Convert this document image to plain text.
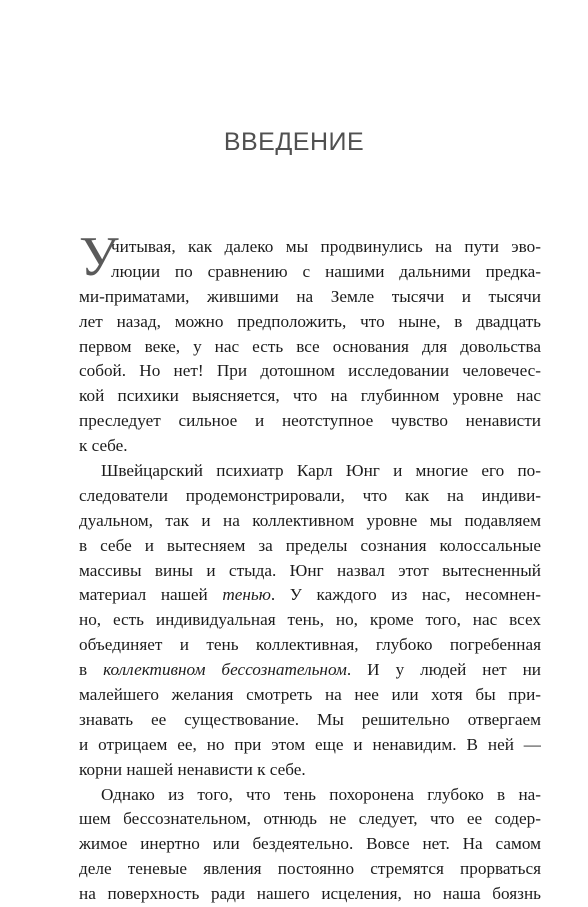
ВВЕДЕНИЕ
У
читывая, как далеко мы продвинулись на пути эво-
люции по сравнению с нашими дальними предка-
ми-приматами, жившими на Земле тысячи и тысячи
лет назад, можно предположить, что ныне, в двадцать
первом веке, у нас есть все основания для довольства
собой. Но нет! При дотошном исследовании человечес-
кой психики выясняется, что на глубинном уровне нас
преследует сильное и неотступное чувство ненависти
к себе.
Швейцарский психиатр Карл Юнг и многие его по-
следователи продемонстрировали, что как на индиви-
дуальном, так и на коллективном уровне мы подавляем
в себе и вытесняем за пределы сознания колоссальные
массивы вины и стыда. Юнг назвал этот вытесненный
материал нашей тенью. У каждого из нас, несомнен-
но, есть индивидуальная тень, но, кроме того, нас всех
объединяет и тень коллективная, глубоко погребенная
в коллективном бессознательном. И у людей нет ни
малейшего желания смотреть на нее или хотя бы при-
знавать ее существование. Мы решительно отвергаем
и отрицаем ее, но при этом еще и ненавидим. В ней —
корни нашей ненависти к себе.
Однако из того, что тень похоронена глубоко в на-
шем бессознательном, отнюдь не следует, что ее содер-
жимое инертно или бездеятельно. Вовсе нет. На самом
деле теневые явления постоянно стремятся прорваться
на поверхность ради нашего исцеления, но наша боязнь
